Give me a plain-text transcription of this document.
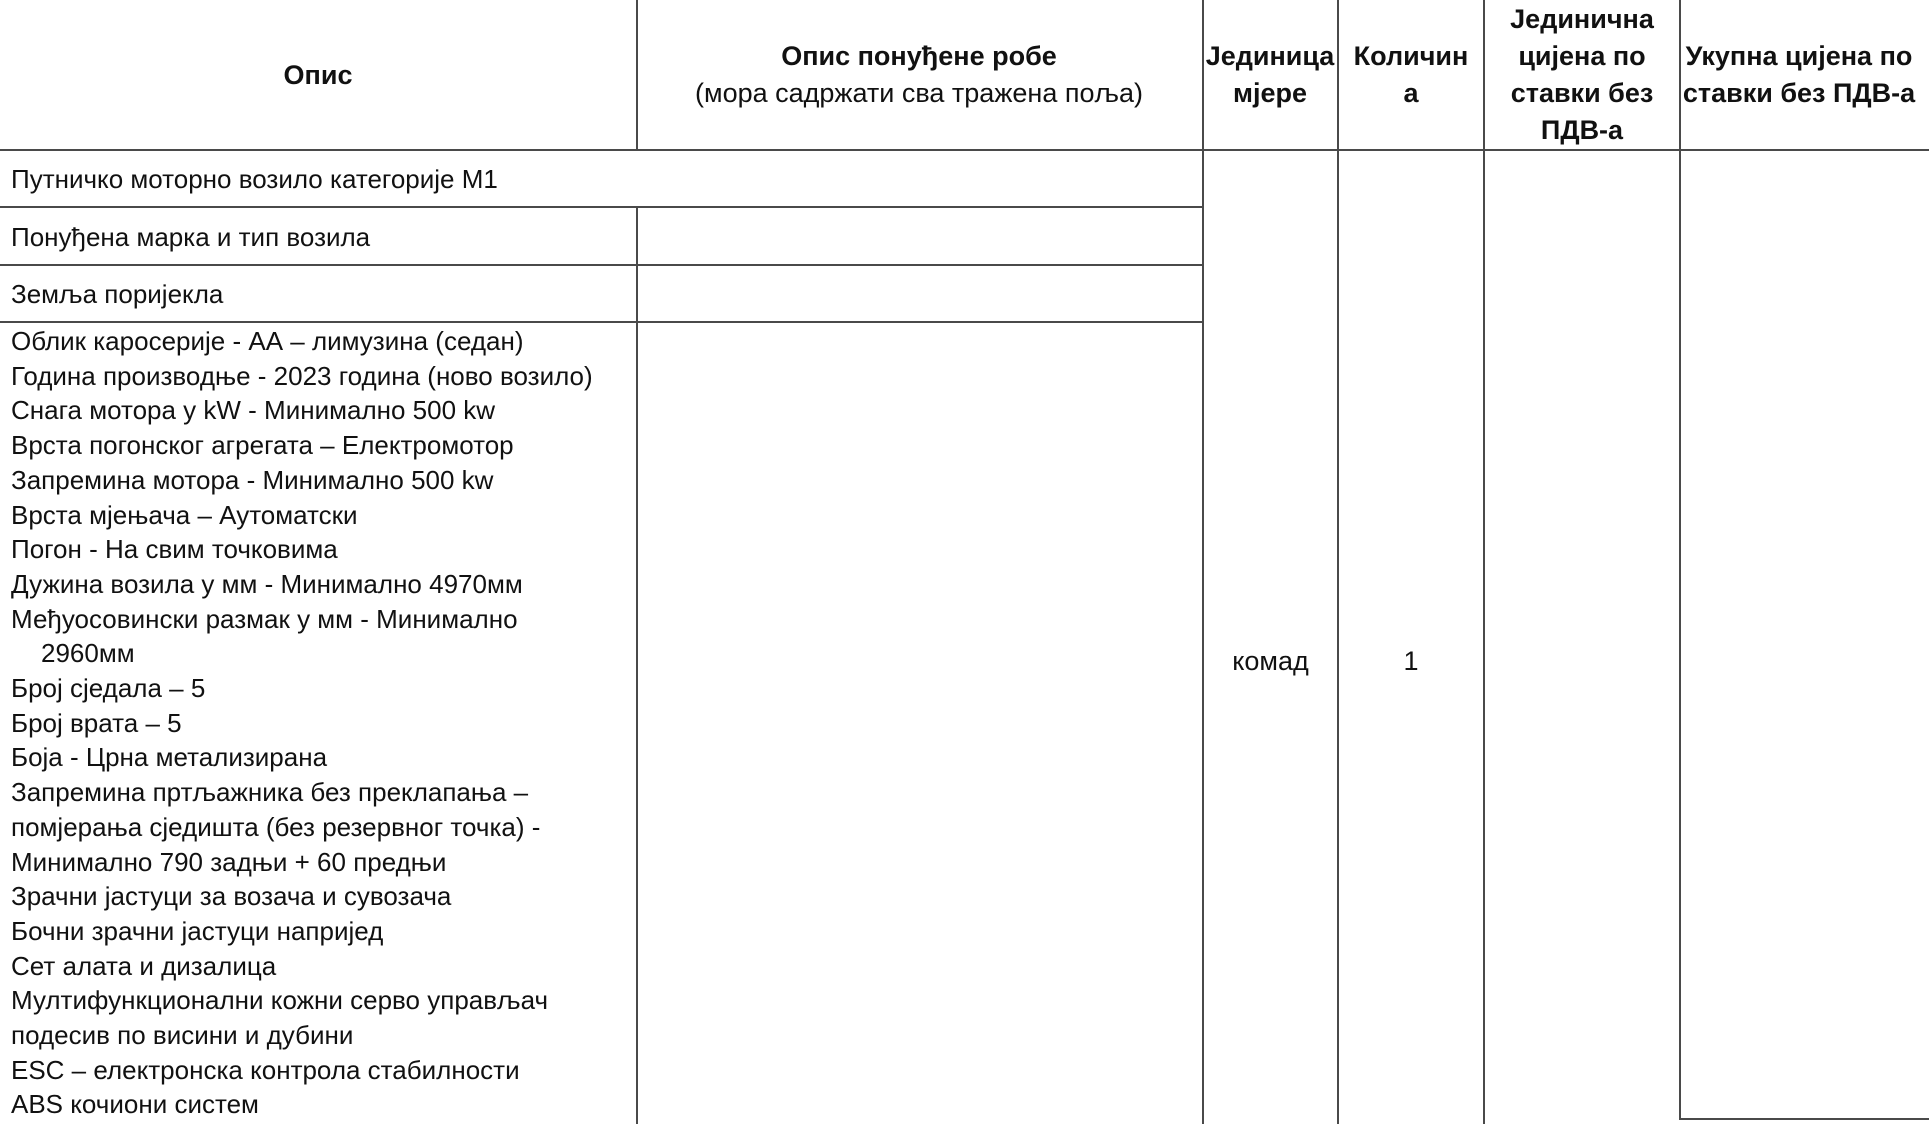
Опис
Опис понуђене робе
(мора садржати сва тражена поља)
Јединица
мјере
Количин
а
Јединична
цијена по
ставки без
ПДВ-а
Укупна цијена по
ставки без ПДВ-а
Путничко моторно возило категорије М1
Понуђена марка и тип возила
Земља поријекла
Облик каросерије - АА – лимузина (седан)
Година производње - 2023 година (ново возило)
Снага мотора у kW - Минимално 500 kw
Врста погонског агрегата – Електромотор
Запремина мотора - Минимално 500 kw
Врста мјењача – Аутоматски
Погон - На свим точковима
Дужина возила у мм - Минимално 4970мм
Међуосовински размак у мм - Минимално
2960мм
Број сједала – 5
Број врата – 5
Боја - Црна метализирана
Запремина пртљажника без преклапања –
помјерања сједишта (без резервног точка) -
Минимално 790 задњи + 60 предњи
Зрачни јастуци за возача и сувозача
Бочни зрачни јастуци напријед
Сет алата и дизалица
Мултифункционални кожни серво управљач
подесив по висини и дубини
ESC – електронска контрола стабилности
ABS кочиони систем
комад	1
